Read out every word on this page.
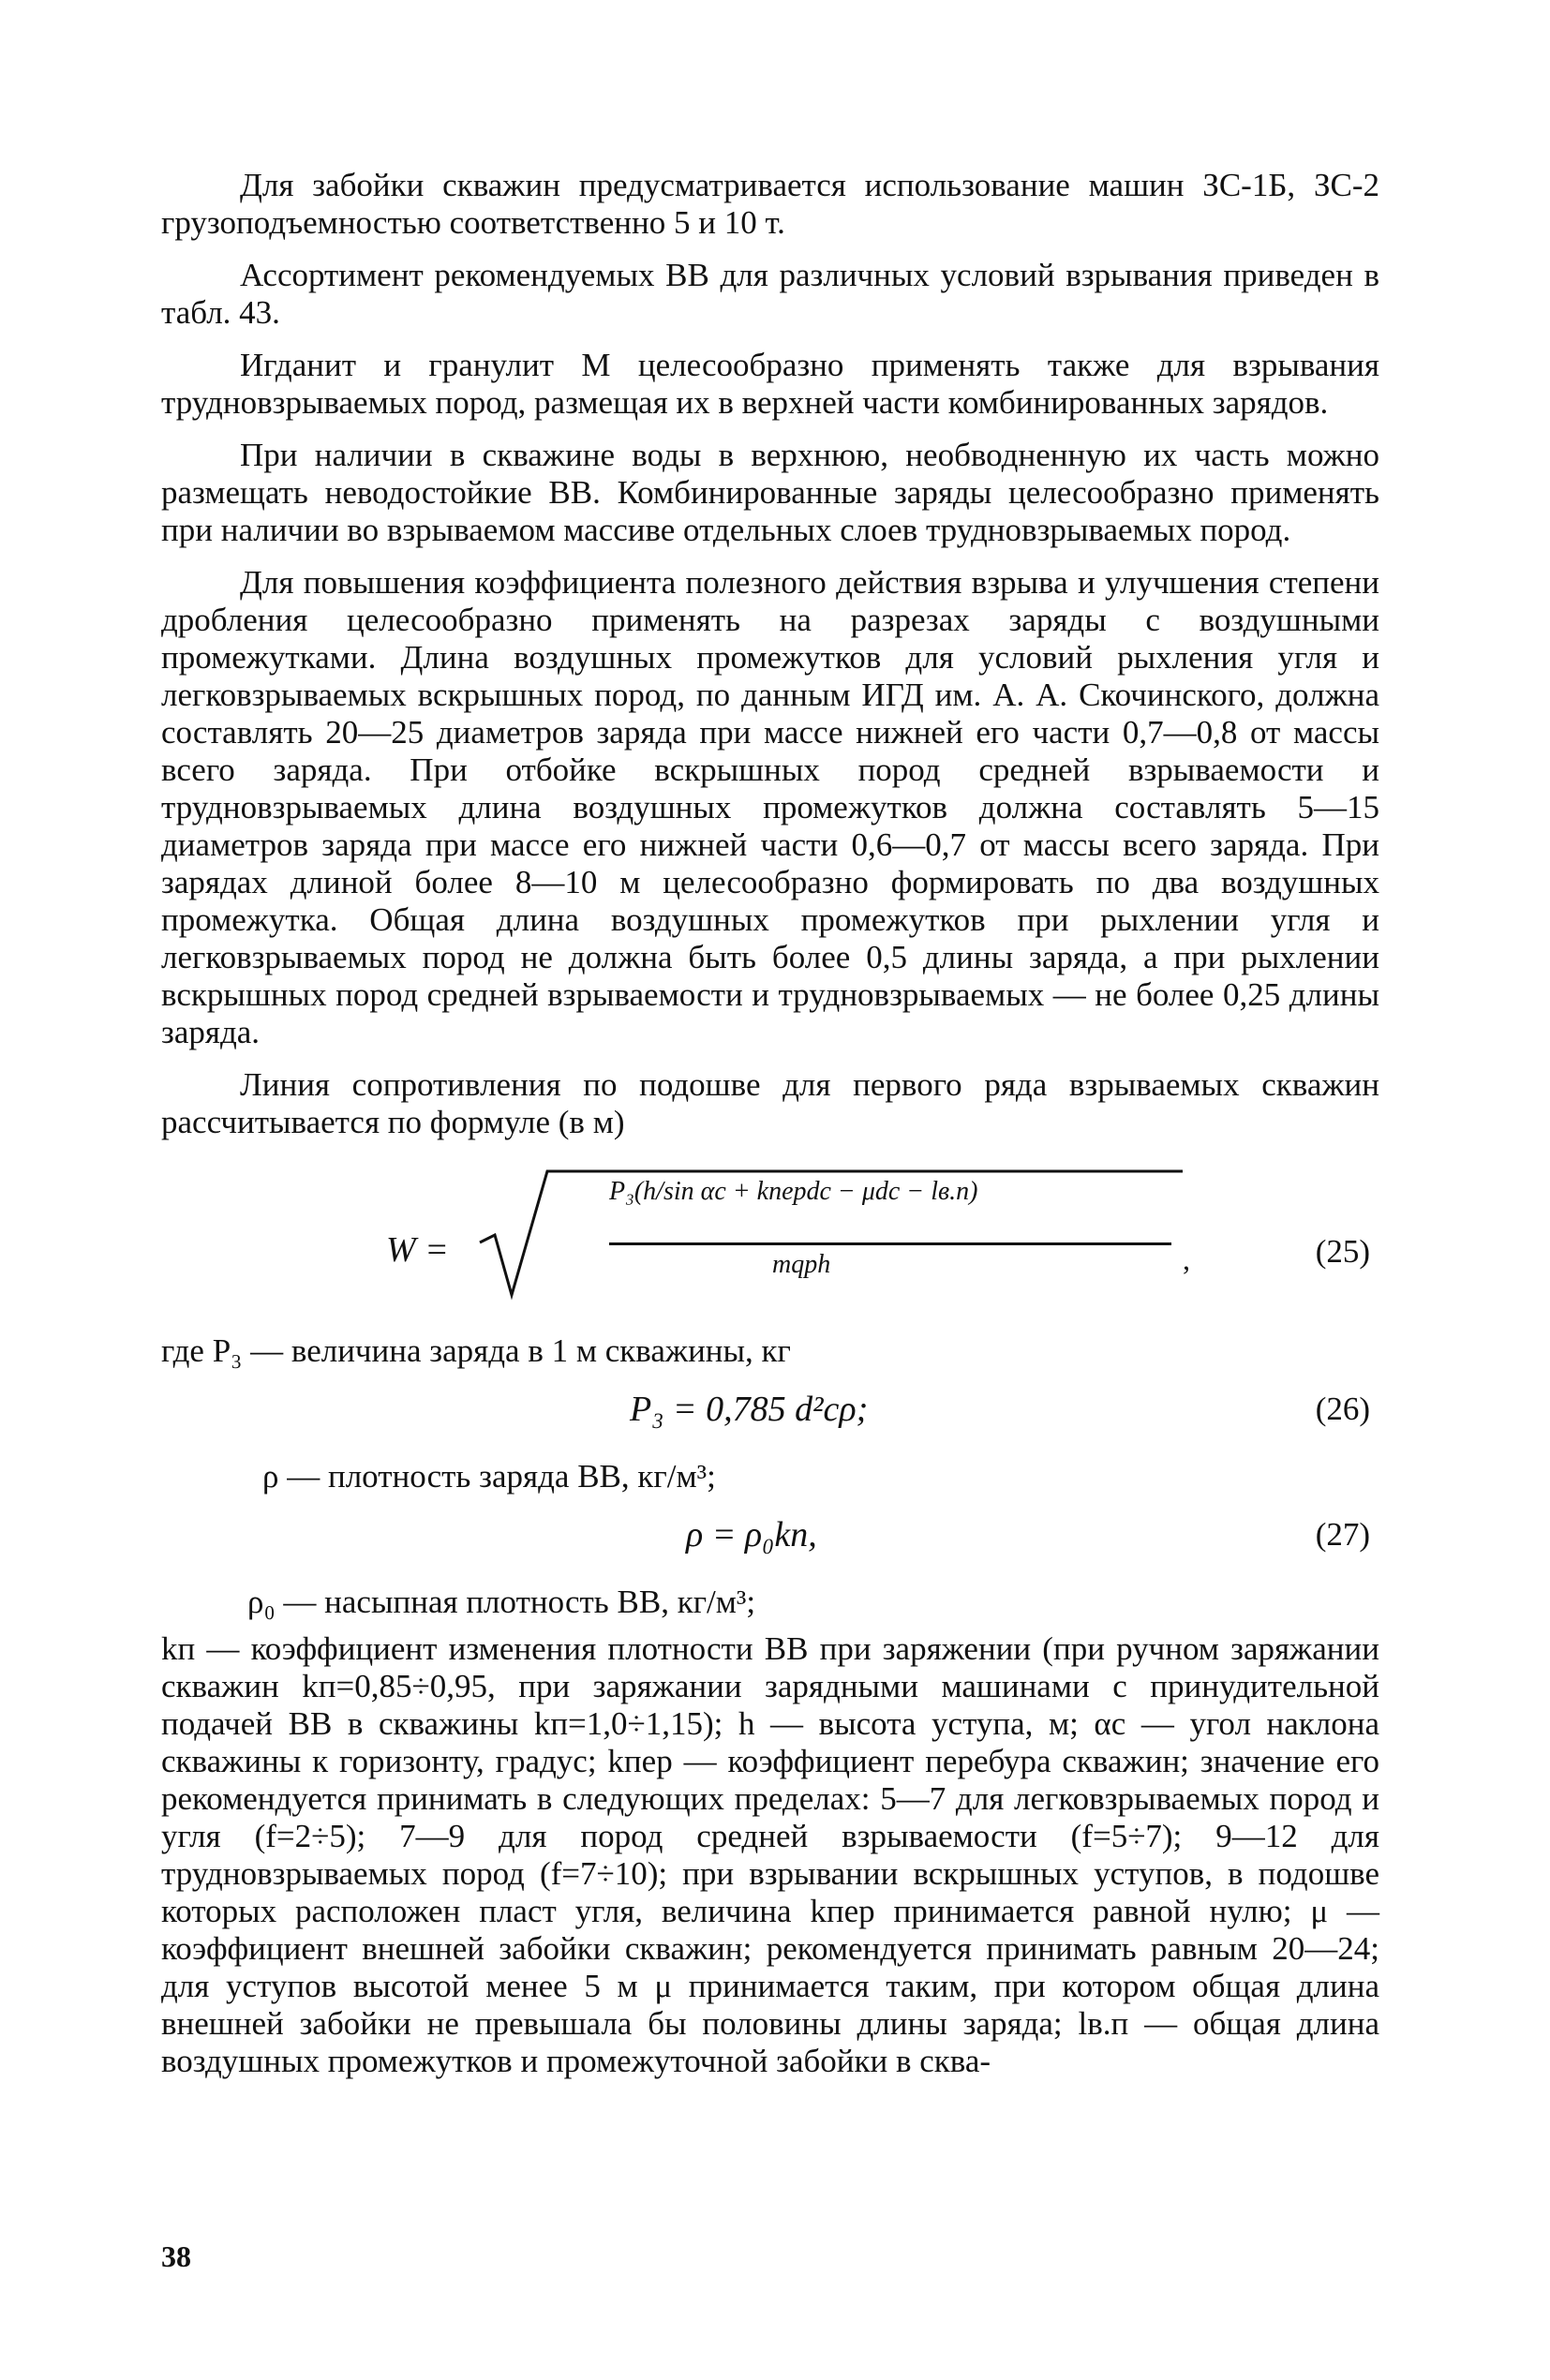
Для забойки скважин предусматривается использование машин ЗС-1Б, ЗС-2 грузоподъемностью соответственно 5 и 10 т.

Ассортимент рекомендуемых ВВ для различных условий взрывания приведен в табл. 43.

Игданит и гранулит М целесообразно применять также для взрывания трудновзрываемых пород, размещая их в верхней части комбинированных зарядов.

При наличии в скважине воды в верхнюю, необводненную их часть можно размещать неводостойкие ВВ. Комбинированные заряды целесообразно применять при наличии во взрываемом массиве отдельных слоев трудновзрываемых пород.

Для повышения коэффициента полезного действия взрыва и улучшения степени дробления целесообразно применять на разрезах заряды с воздушными промежутками. Длина воздушных промежутков для условий рыхления угля и легковзрываемых вскрышных пород, по данным ИГД им. А. А. Скочинского, должна составлять 20—25 диаметров заряда при массе нижней его части 0,7—0,8 от массы всего заряда. При отбойке вскрышных пород средней взрываемости и трудновзрываемых длина воздушных промежутков должна составлять 5—15 диаметров заряда при массе его нижней части 0,6—0,7 от массы всего заряда. При зарядах длиной более 8—10 м целесообразно формировать по два воздушных промежутка. Общая длина воздушных промежутков при рыхлении угля и легковзрываемых пород не должна быть более 0,5 длины заряда, а при рыхлении вскрышных пород средней взрываемости и трудновзрываемых — не более 0,25 длины заряда.

Линия сопротивления по подошве для первого ряда взрываемых скважин рассчитывается по формуле (в м)

W =
P₃(h/sin αc + kперdc − μdc − lв.п)
mqph	,	(25)

где P₃ — величина заряда в 1 м скважины, кг

P₃ = 0,785 d²cρ;	(26)

ρ — плотность заряда ВВ, кг/м³;

ρ = ρ₀kп,	(27)

ρ₀ — насыпная плотность ВВ, кг/м³;

kп — коэффициент изменения плотности ВВ при заряжении (при ручном заряжании скважин kп=0,85÷0,95, при заряжании зарядными машинами с принудительной подачей ВВ в скважины kп=1,0÷1,15); h — высота уступа, м; αc — угол наклона скважины к горизонту, градус; kпер — коэффициент перебура скважин; значение его рекомендуется принимать в следующих пределах: 5—7 для легковзрываемых пород и угля (f=2÷5); 7—9 для пород средней взрываемости (f=5÷7); 9—12 для трудновзрываемых пород (f=7÷10); при взрывании вскрышных уступов, в подошве которых расположен пласт угля, величина kпер принимается равной нулю; μ — коэффициент внешней забойки скважин; рекомендуется принимать равным 20—24; для уступов высотой менее 5 м μ принимается таким, при котором общая длина внешней забойки не превышала бы половины длины заряда; lв.п — общая длина воздушных промежутков и промежуточной забойки в сква-

38
